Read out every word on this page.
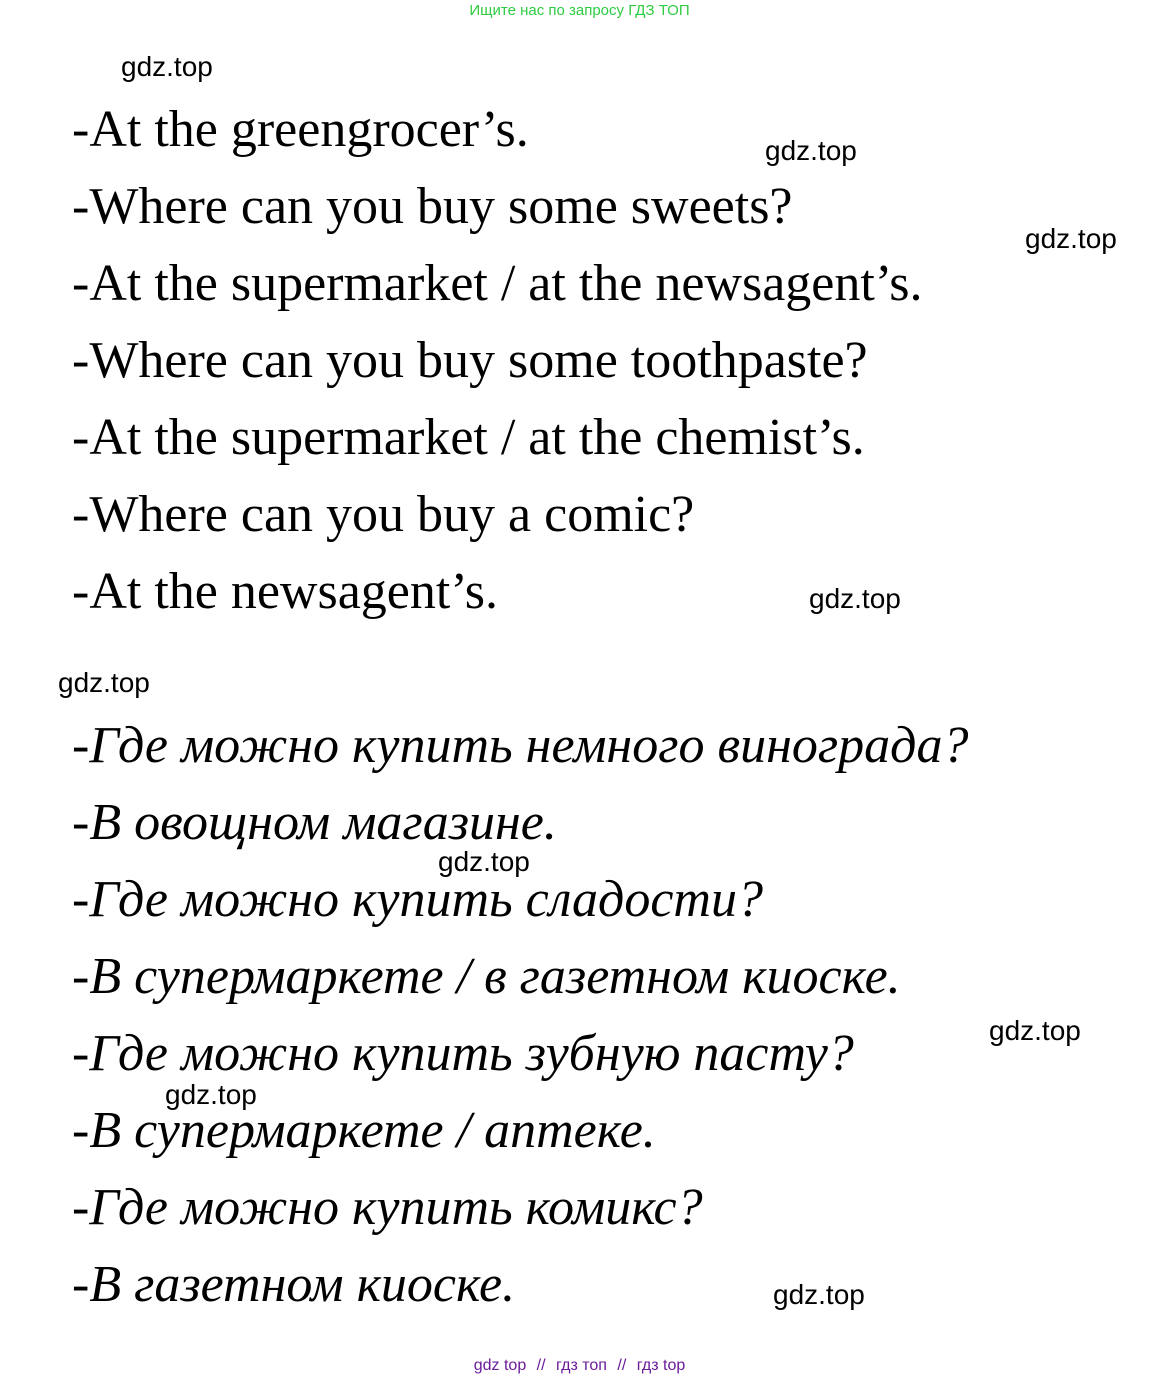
Ищите нас по запросу ГДЗ ТОП
-At the greengrocer’s.
-Where can you buy some sweets?
-At the supermarket / at the newsagent’s.
-Where can you buy some toothpaste?
-At the supermarket / at the chemist’s.
-Where can you buy a comic?
-At the newsagent’s.
-Где можно купить немного винограда?
-В овощном магазине.
-Где можно купить сладости?
-В супермаркете / в газетном киоске.
-Где можно купить зубную пасту?
-В супермаркете / аптеке.
-Где можно купить комикс?
-В газетном киоске.
gdz.top
gdz.top
gdz.top
gdz.top
gdz.top
gdz.top
gdz.top
gdz.top
gdz.top
gdz top // гдз топ // гдз top
